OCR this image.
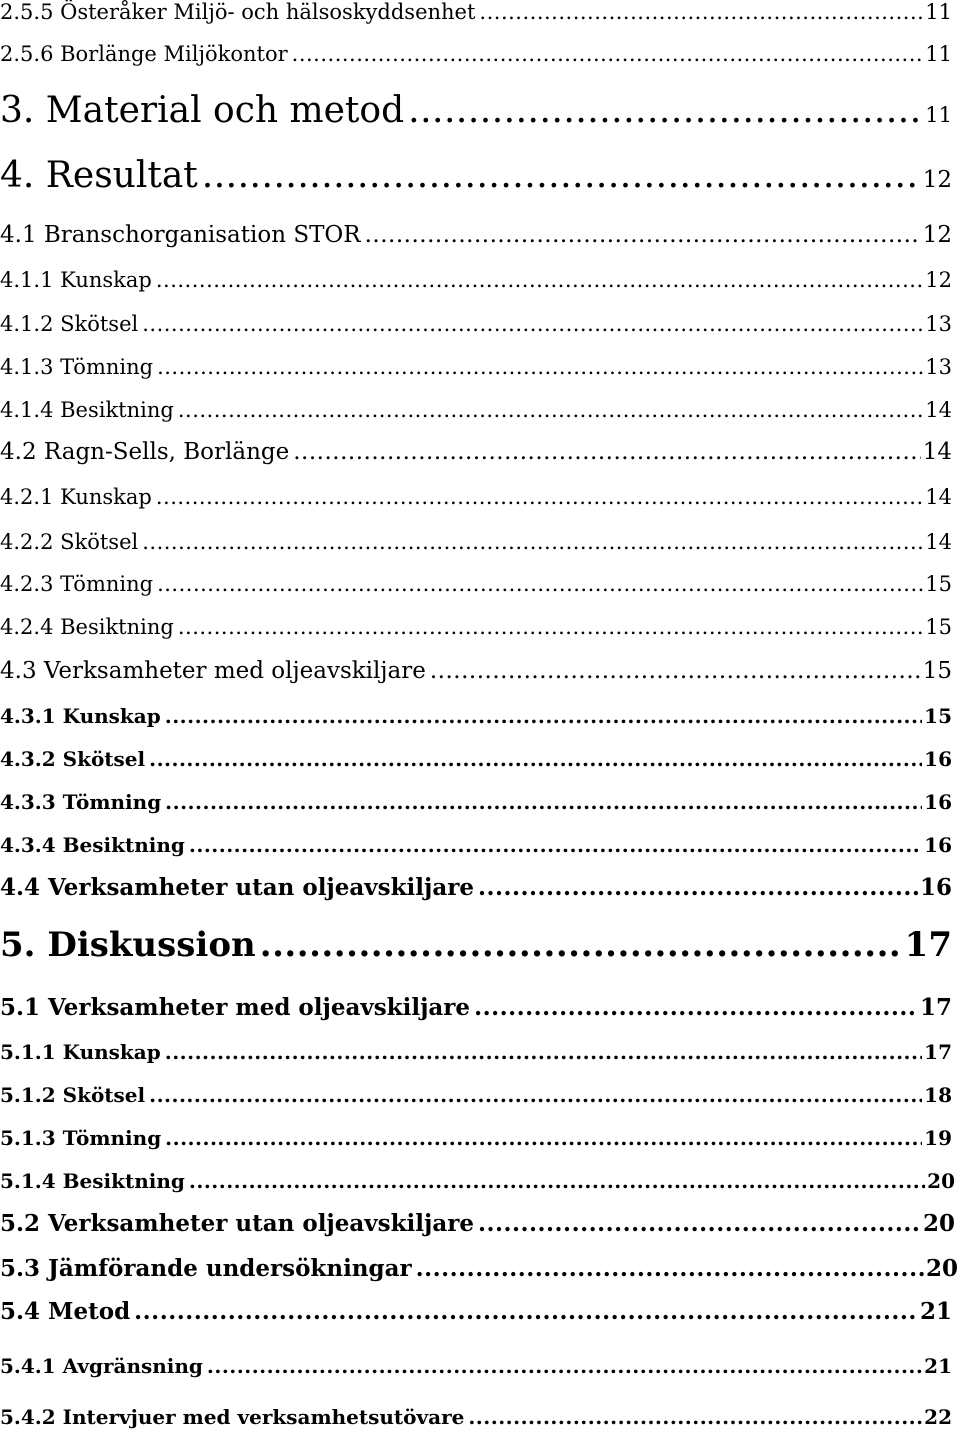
2.5.5 Österåker Miljö- och hälsoskyddsenhet .....	11
2.5.6 Borlänge Miljökontor .....	11
3. Material och metod .....	11
4. Resultat .....	12
4.1 Branschorganisation STOR .....	12
4.1.1 Kunskap .....	12
4.1.2 Skötsel .....	13
4.1.3 Tömning .....	13
4.1.4 Besiktning .....	14
4.2 Ragn-Sells, Borlänge .....	14
4.2.1 Kunskap .....	14
4.2.2 Skötsel .....	14
4.2.3 Tömning .....	15
4.2.4 Besiktning .....	15
4.3 Verksamheter med oljeavskiljare .....	15
4.3.1 Kunskap .....	15
4.3.2 Skötsel .....	16
4.3.3 Tömning .....	16
4.3.4 Besiktning .....	16
4.4 Verksamheter utan oljeavskiljare .....	16
5. Diskussion .....	17
5.1 Verksamheter med oljeavskiljare .....	17
5.1.1 Kunskap .....	17
5.1.2 Skötsel .....	18
5.1.3 Tömning .....	19
5.1.4 Besiktning .....	20
5.2 Verksamheter utan oljeavskiljare .....	20
5.3 Jämförande undersökningar .....	20
5.4 Metod .....	21
5.4.1 Avgränsning .....	21
5.4.2 Intervjuer med verksamhetsutövare .....	22
